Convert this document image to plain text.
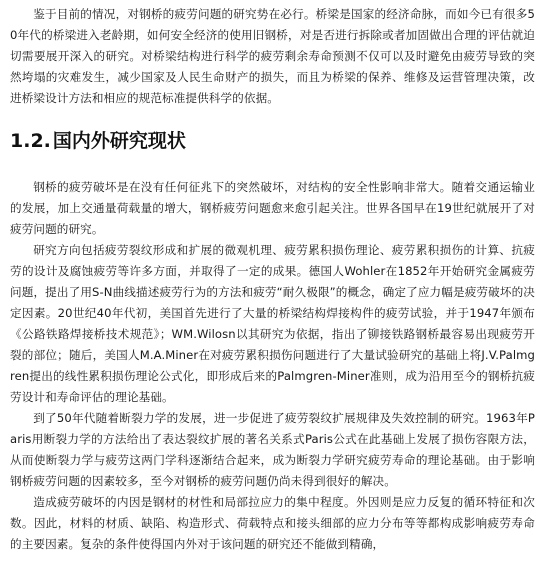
鉴于目前的情况，对钢桥的疲劳问题的研究势在必行。桥梁是国家的经济命脉，而如今已有很多50年代的桥梁进入老龄期，如何安全经济的使用旧钢桥，对是否进行拆除或者加固做出合理的评估就迫切需要展开深入的研究。对桥梁结构进行科学的疲劳剩余寿命预测不仅可以及时避免由疲劳导致的突然垮塌的灾难发生，减少国家及人民生命财产的损失，而且为桥梁的保养、维修及运营管理决策，改进桥梁设计方法和相应的规范标准提供科学的依据。

1.2. 国内外研究现状

钢桥的疲劳破坏是在没有任何征兆下的突然破坏，对结构的安全性影响非常大。随着交通运输业的发展，加上交通量荷载量的增大，钢桥疲劳问题愈来愈引起关注。世界各国早在19世纪就展开了对疲劳问题的研究。

研究方向包括疲劳裂纹形成和扩展的微观机理、疲劳累积损伤理论、疲劳累积损伤的计算、抗疲劳的设计及腐蚀疲劳等许多方面，并取得了一定的成果。德国人Wohler在1852年开始研究金属疲劳问题，提出了用S-N曲线描述疲劳行为的方法和疲劳“耐久极限”的概念，确定了应力幅是疲劳破坏的决定因素。20世纪40年代初，美国首先进行了大量的桥梁结构焊接构件的疲劳试验，并于1947年颁布《公路铁路焊接桥技术规范》；WM.Wilosn以其研究为依据，指出了铆接铁路钢桥最容易出现疲劳开裂的部位；随后，美国人M.A.Miner在对疲劳累积损伤问题进行了大量试验研究的基础上将J.V.Palmgren提出的线性累积损伤理论公式化，即形成后来的Palmgren-Miner准则，成为沿用至今的钢桥抗疲劳设计和寿命评估的理论基础。

到了50年代随着断裂力学的发展，进一步促进了疲劳裂纹扩展规律及失效控制的研究。1963年Paris用断裂力学的方法给出了表达裂纹扩展的著名关系式Paris公式在此基础上发展了损伤容限方法，从而使断裂力学与疲劳这两门学科逐渐结合起来，成为断裂力学研究疲劳寿命的理论基础。由于影响钢桥疲劳问题的因素较多，至今对钢桥的疲劳问题仍尚未得到很好的解决。

造成疲劳破坏的内因是钢材的材性和局部拉应力的集中程度。外因则是应力反复的循环特征和次数。因此，材料的材质、缺陷、构造形式、荷载特点和接头细部的应力分布等等都构成影响疲劳寿命的主要因素。复杂的条件使得国内外对于该问题的研究还不能做到精确，
